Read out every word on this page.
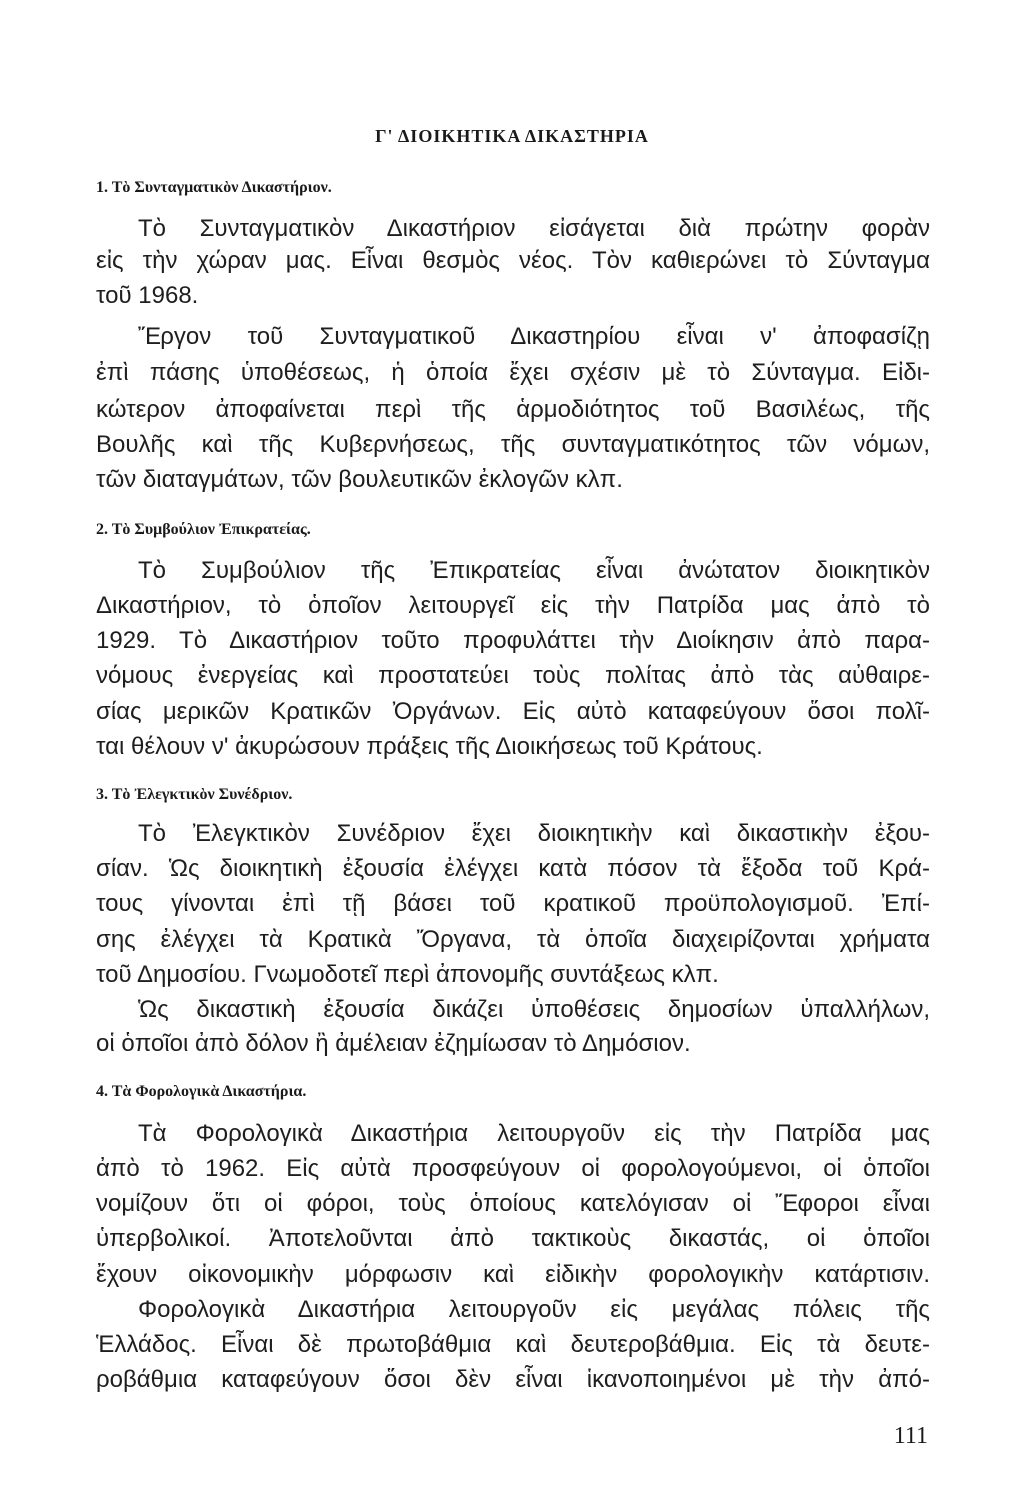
Γ' ΔΙΟΙΚΗΤΙΚΑ ΔΙΚΑΣΤΗΡΙΑ
1. Τὸ Συνταγματικὸν Δικαστήριον.
Τὸ Συνταγματικὸν Δικαστήριον εἰσάγεται διὰ πρώτην φορὰν
εἰς τὴν χώραν μας. Εἶναι θεσμὸς νέος. Τὸν καθιερώνει τὸ Σύνταγμα
τοῦ 1968.
Ἔργον τοῦ Συνταγματικοῦ Δικαστηρίου εἶναι ν' ἀποφασίζῃ
ἐπὶ πάσης ὑποθέσεως, ἡ ὁποία ἔχει σχέσιν μὲ τὸ Σύνταγμα. Εἰδι-
κώτερον ἀποφαίνεται περὶ τῆς ἁρμοδιότητος τοῦ Βασιλέως, τῆς
Βουλῆς καὶ τῆς Κυβερνήσεως, τῆς συνταγματικότητος τῶν νόμων,
τῶν διαταγμάτων, τῶν βουλευτικῶν ἐκλογῶν κλπ.
2. Τὸ Συμβούλιον Ἐπικρατείας.
Τὸ Συμβούλιον τῆς Ἐπικρατείας εἶναι ἀνώτατον διοικητικὸν
Δικαστήριον, τὸ ὁποῖον λειτουργεῖ εἰς τὴν Πατρίδα μας ἀπὸ τὸ
1929. Τὸ Δικαστήριον τοῦτο προφυλάττει τὴν Διοίκησιν ἀπὸ παρα-
νόμους ἐνεργείας καὶ προστατεύει τοὺς πολίτας ἀπὸ τὰς αὐθαιρε-
σίας μερικῶν Κρατικῶν Ὀργάνων. Εἰς αὐτὸ καταφεύγουν ὅσοι πολῖ-
ται θέλουν ν' ἀκυρώσουν πράξεις τῆς Διοικήσεως τοῦ Κράτους.
3. Τὸ Ἐλεγκτικὸν Συνέδριον.
Τὸ Ἐλεγκτικὸν Συνέδριον ἔχει διοικητικὴν καὶ δικαστικὴν ἐξου-
σίαν. Ὡς διοικητικὴ ἐξουσία ἐλέγχει κατὰ πόσον τὰ ἔξοδα τοῦ Κρά-
τους γίνονται ἐπὶ τῇ βάσει τοῦ κρατικοῦ προϋπολογισμοῦ. Ἐπί-
σης ἐλέγχει τὰ Κρατικὰ Ὄργανα, τὰ ὁποῖα διαχειρίζονται χρήματα
τοῦ Δημοσίου. Γνωμοδοτεῖ περὶ ἀπονομῆς συντάξεως κλπ.
Ὡς δικαστικὴ ἐξουσία δικάζει ὑποθέσεις δημοσίων ὑπαλλήλων,
οἱ ὁποῖοι ἀπὸ δόλον ἢ ἀμέλειαν ἐζημίωσαν τὸ Δημόσιον.
4. Τὰ Φορολογικὰ Δικαστήρια.
Τὰ Φορολογικὰ Δικαστήρια λειτουργοῦν εἰς τὴν Πατρίδα μας
ἀπὸ τὸ 1962. Εἰς αὐτὰ προσφεύγουν οἱ φορολογούμενοι, οἱ ὁποῖοι
νομίζουν ὅτι οἱ φόροι, τοὺς ὁποίους κατελόγισαν οἱ Ἔφοροι εἶναι
ὑπερβολικοί. Ἀποτελοῦνται ἀπὸ τακτικοὺς δικαστάς, οἱ ὁποῖοι
ἔχουν οἰκονομικὴν μόρφωσιν καὶ εἰδικὴν φορολογικὴν κατάρτισιν.
Φορολογικὰ Δικαστήρια λειτουργοῦν εἰς μεγάλας πόλεις τῆς
Ἑλλάδος. Εἶναι δὲ πρωτοβάθμια καὶ δευτεροβάθμια. Εἰς τὰ δευτε-
ροβάθμια καταφεύγουν ὅσοι δὲν εἶναι ἱκανοποιημένοι μὲ τὴν ἀπό-
111
